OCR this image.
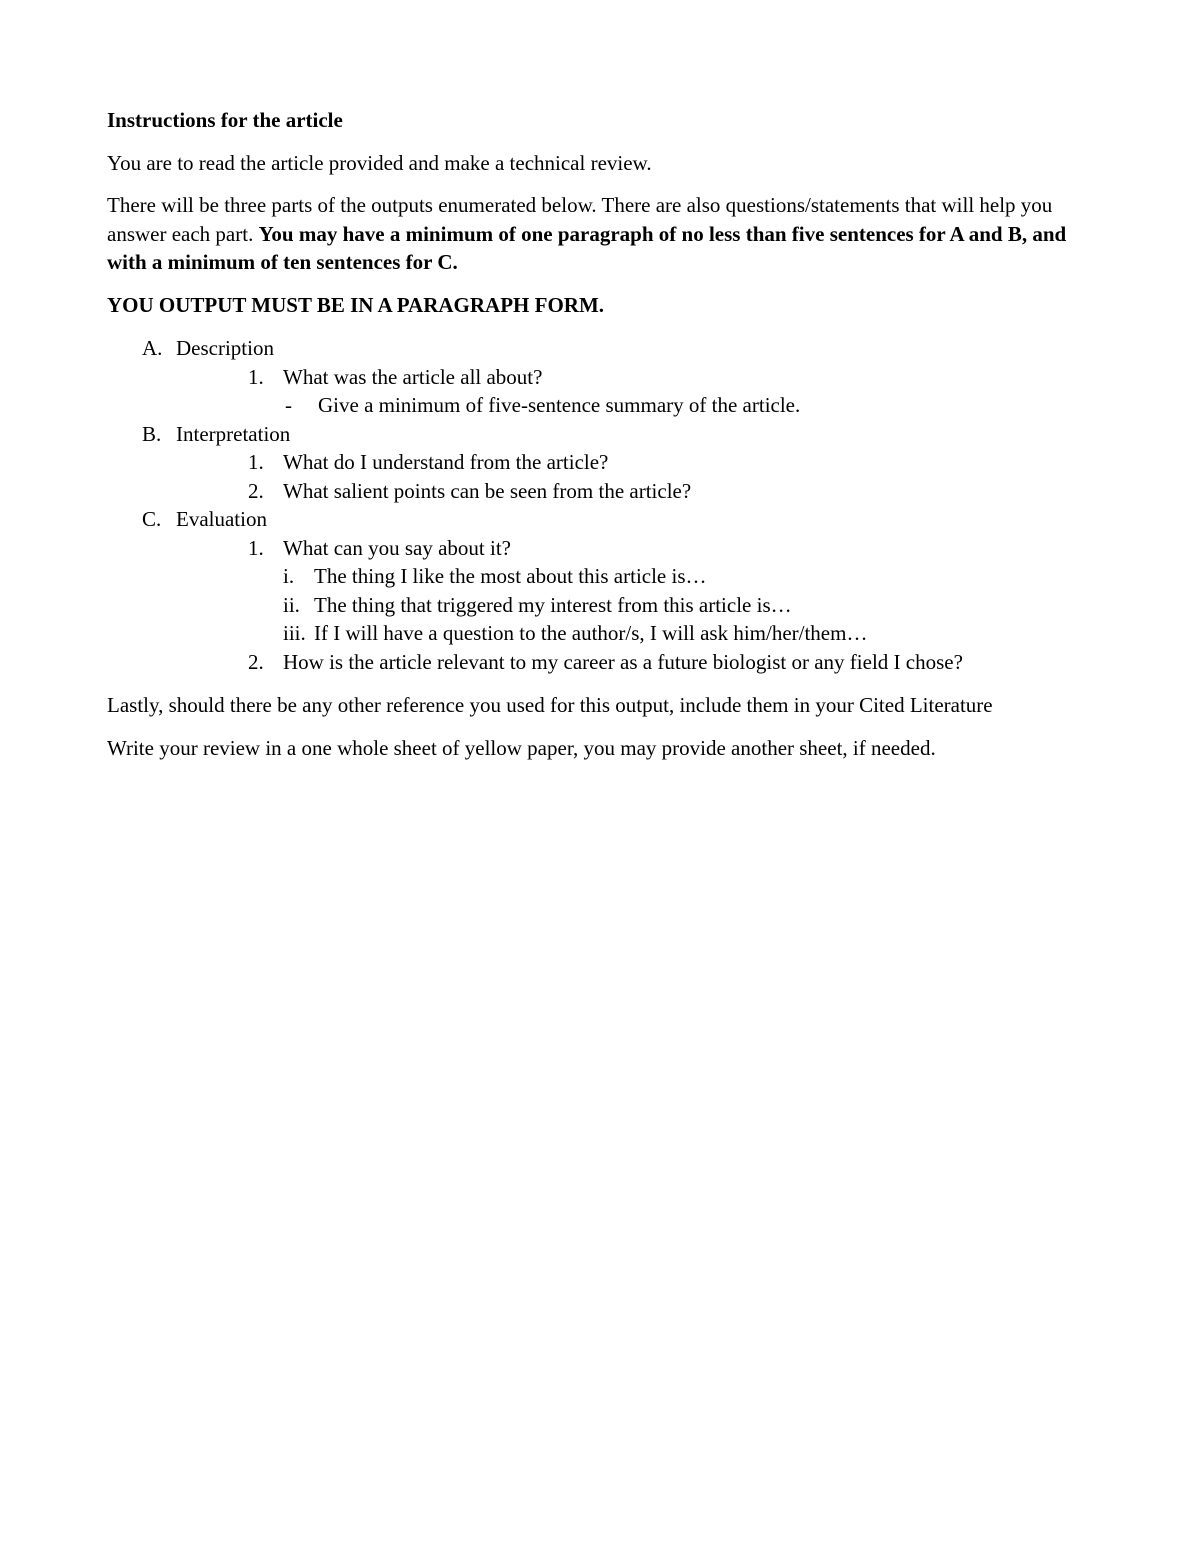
Instructions for the article

You are to read the article provided and make a technical review.

There will be three parts of the outputs enumerated below. There are also questions/statements that will help you answer each part. You may have a minimum of one paragraph of no less than five sentences for A and B, and with a minimum of ten sentences for C.

YOU OUTPUT MUST BE IN A PARAGRAPH FORM.
A. Description
1. What was the article all about?
- Give a minimum of five-sentence summary of the article.
B. Interpretation
1. What do I understand from the article?
2. What salient points can be seen from the article?
C. Evaluation
1. What can you say about it?
i. The thing I like the most about this article is…
ii. The thing that triggered my interest from this article is…
iii. If I will have a question to the author/s, I will ask him/her/them…
2. How is the article relevant to my career as a future biologist or any field I chose?

Lastly, should there be any other reference you used for this output, include them in your Cited Literature

Write your review in a one whole sheet of yellow paper, you may provide another sheet, if needed.
